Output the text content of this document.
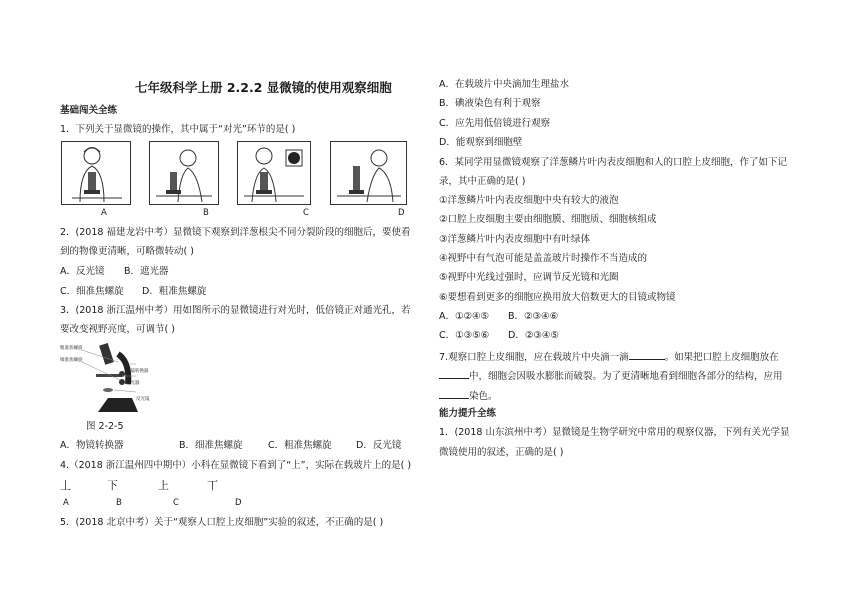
七年级科学上册 2.2.2 显微镜的使用观察细胞
基础闯关全练
1．下列关于显微镜的操作，其中属于“对光”环节的是( )
A	B	C	D
2．(2018 福建龙岩中考）显微镜下观察到洋葱根尖不同分裂阶段的细胞后，要使看
到的物像更清晰，可略微转动( )
A．反光镜 B．遮光器
C．细准焦螺旋 D．粗准焦螺旋
3．(2018 浙江温州中考）用如图所示的显微镜进行对光时，低倍镜正对通光孔，若
要改变视野亮度，可调节( )
粗准焦螺旋
细准焦螺旋
物镜转换器
遮光器
反光镜
图 2-2-5
A．物镜转换器	B．细准焦螺旋	C．粗准焦螺旋	D．反光镜
4.（2018 浙江温州四中期中）小科在显微镜下看到了“上”，实际在载玻片上的是( )
丄	下	上	丅
A	B	C	D
5．(2018 北京中考）关于“观察人口腔上皮细胞”实验的叙述，不正确的是( )
A．在载玻片中央滴加生理盐水
B．碘液染色有利于观察
C．应先用低倍镜进行观察
D．能观察到细胞壁
6．某同学用显微镜观察了洋葱鳞片叶内表皮细胞和人的口腔上皮细胞，作了如下记
录，其中正确的是( )
①洋葱鳞片叶内表皮细胞中央有较大的液泡
②口腔上皮细胞主要由细胞膜、细胞质、细胞核组成
③洋葱鳞片叶内表皮细胞中有叶绿体
④视野中有气泡可能是盖盖玻片时操作不当造成的
⑤视野中光线过强时，应调节反光镜和光圈
⑥要想看到更多的细胞应换用放大倍数更大的目镜或物镜
A．①②④⑤ B．②③④⑥
C．①③⑤⑥ D．②③④⑤
7.观察口腔上皮细胞，应在载玻片中央滴一滴	。如果把口腔上皮细胞放在
中，细胞会因吸水膨胀而破裂。为了更清晰地看到细胞各部分的结构，应用
染色。
能力提升全练
1．(2018 山东滨州中考）显微镜是生物学研究中常用的观察仪器，下列有关光学显
微镜使用的叙述，正确的是( )
